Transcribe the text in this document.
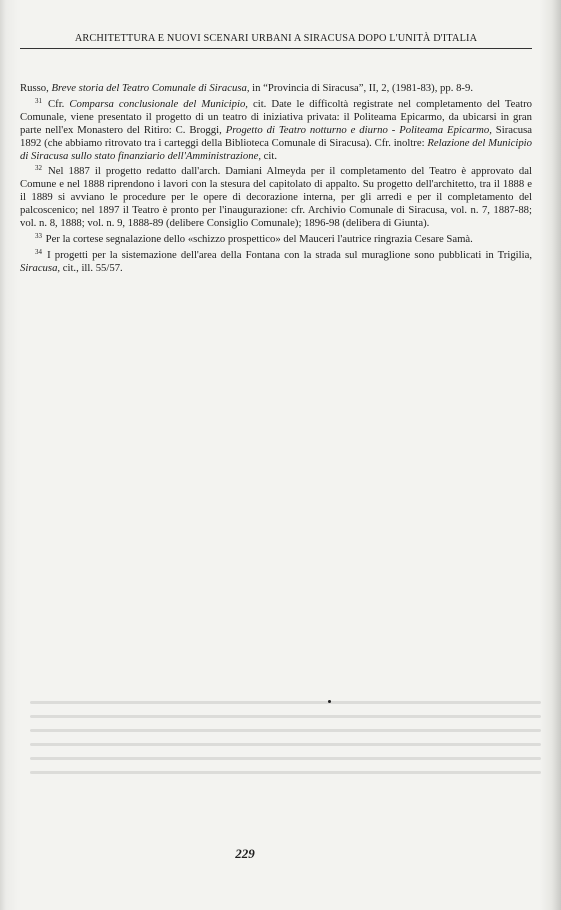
ARCHITETTURA E NUOVI SCENARI URBANI A SIRACUSA DOPO L'UNITÀ D'ITALIA

Russo, Breve storia del Teatro Comunale di Siracusa, in “Provincia di Siracusa”, II, 2, (1981-83), pp. 8-9.

$^{31}$ Cfr. Comparsa conclusionale del Municipio, cit. Date le difficoltà registrate nel completamento del Teatro Comunale, viene presentato il progetto di un teatro di iniziativa privata: il Politeama Epicarmo, da ubicarsi in gran parte nell'ex Monastero del Ritiro: C. Broggi, Progetto di Teatro notturno e diurno - Politeama Epicarmo, Siracusa 1892 (che abbiamo ritrovato tra i carteggi della Biblioteca Comunale di Siracusa). Cfr. inoltre: Relazione del Municipio di Siracusa sullo stato finanziario dell'Amministrazione, cit.

$^{32}$ Nel 1887 il progetto redatto dall'arch. Damiani Almeyda per il completamento del Teatro è approvato dal Comune e nel 1888 riprendono i lavori con la stesura del capitolato di appalto. Su progetto dell'architetto, tra il 1888 e il 1889 si avviano le procedure per le opere di decorazione interna, per gli arredi e per il completamento del palcoscenico; nel 1897 il Teatro è pronto per l'inaugurazione: cfr. Archivio Comunale di Siracusa, vol. n. 7, 1887-88; vol. n. 8, 1888; vol. n. 9, 1888-89 (delibere Consiglio Comunale); 1896-98 (delibera di Giunta).

$^{33}$ Per la cortese segnalazione dello «schizzo prospettico» del Mauceri l'autrice ringrazia Cesare Samà.

$^{34}$ I progetti per la sistemazione dell'area della Fontana con la strada sul muraglione sono pubblicati in Trigilia, Siracusa, cit., ill. 55/57.

229
